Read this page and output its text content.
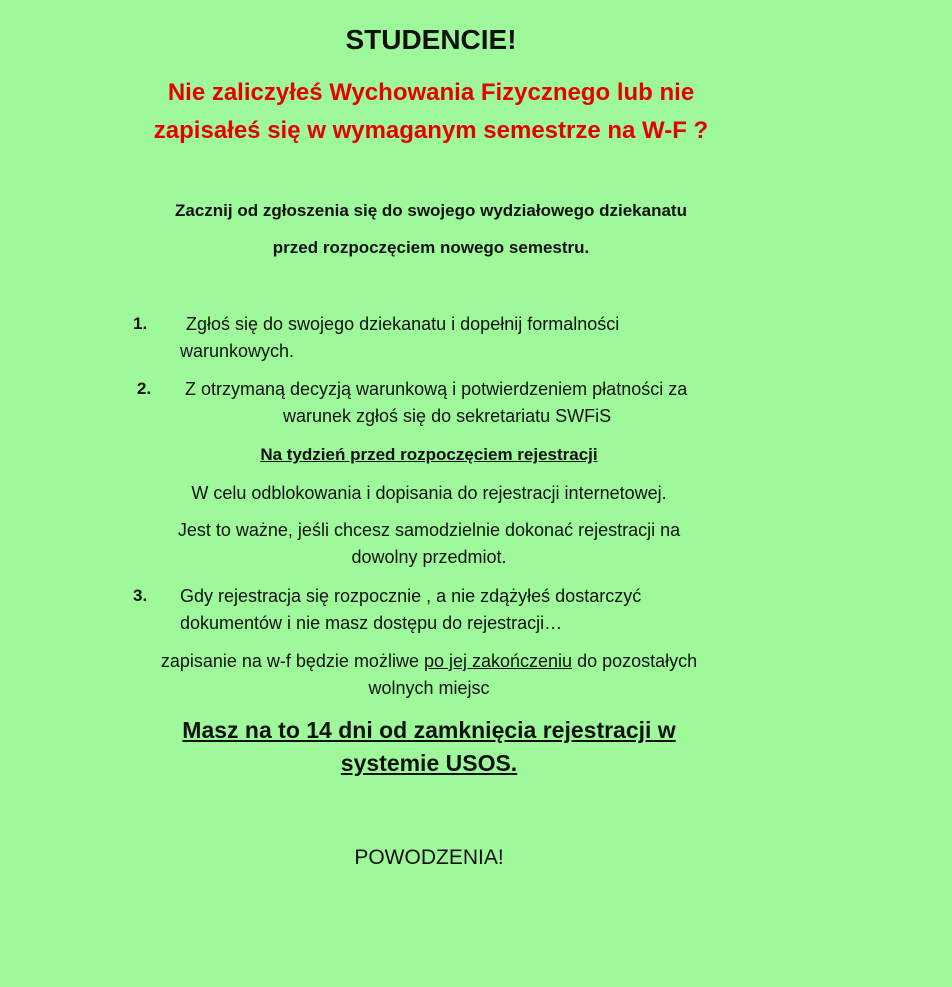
STUDENCIE!
Nie zaliczyłeś Wychowania Fizycznego lub nie
zapisałeś się w wymaganym semestrze na W-F ?
Zacznij od zgłoszenia się do swojego wydziałowego dziekanatu
przed rozpoczęciem nowego semestru.
1. Zgłoś się do swojego dziekanatu i dopełnij formalności
warunkowych.
2. Z otrzymaną decyzją warunkową i potwierdzeniem płatności za
warunek zgłoś się do sekretariatu SWFiS
Na tydzień przed rozpoczęciem rejestracji
W celu odblokowania i dopisania do rejestracji internetowej.
Jest to ważne, jeśli chcesz samodzielnie dokonać rejestracji na
dowolny przedmiot.
3. Gdy rejestracja się rozpocznie , a nie zdążyłeś dostarczyć
dokumentów i nie masz dostępu do rejestracji…
zapisanie na w-f będzie możliwe po jej zakończeniu do pozostałych
wolnych miejsc
Masz na to 14 dni od zamknięcia rejestracji w
systemie USOS.
POWODZENIA!
